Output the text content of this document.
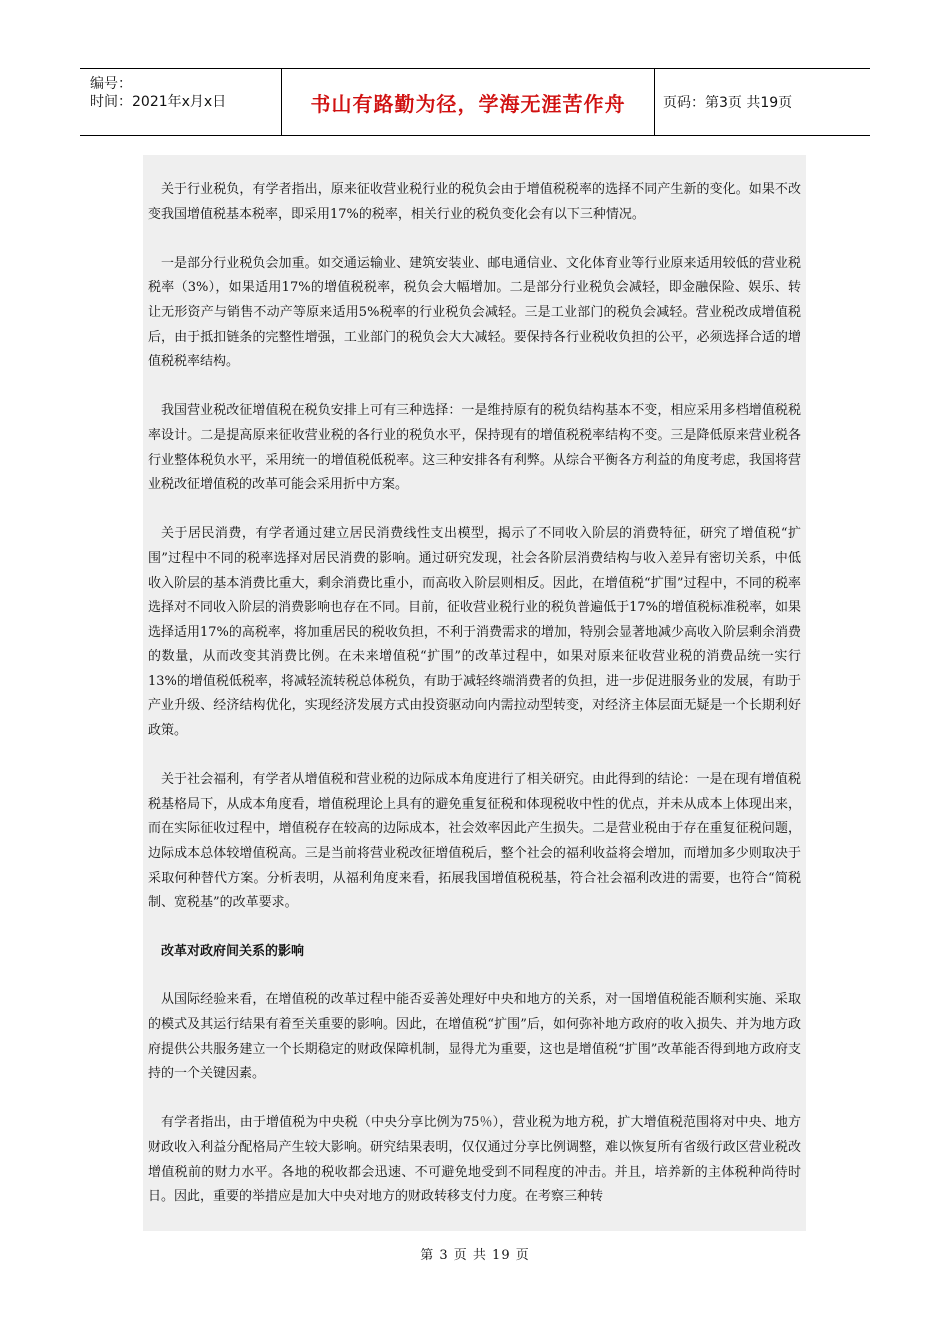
编号：
时间：2021年x月x日	书山有路勤为径，学海无涯苦作舟	页码：第3页 共19页

关于行业税负，有学者指出，原来征收营业税行业的税负会由于增值税税率的选择不同产生新的变化。如果不改变我国增值税基本税率，即采用17%的税率，相关行业的税负变化会有以下三种情况。

一是部分行业税负会加重。如交通运输业、建筑安装业、邮电通信业、文化体育业等行业原来适用较低的营业税税率（3%），如果适用17%的增值税税率，税负会大幅增加。二是部分行业税负会减轻，即金融保险、娱乐、转让无形资产与销售不动产等原来适用5%税率的行业税负会减轻。三是工业部门的税负会减轻。营业税改成增值税后，由于抵扣链条的完整性增强，工业部门的税负会大大减轻。要保持各行业税收负担的公平，必须选择合适的增值税税率结构。

我国营业税改征增值税在税负安排上可有三种选择：一是维持原有的税负结构基本不变，相应采用多档增值税税率设计。二是提高原来征收营业税的各行业的税负水平，保持现有的增值税税率结构不变。三是降低原来营业税各行业整体税负水平，采用统一的增值税低税率。这三种安排各有利弊。从综合平衡各方利益的角度考虑，我国将营业税改征增值税的改革可能会采用折中方案。

关于居民消费，有学者通过建立居民消费线性支出模型，揭示了不同收入阶层的消费特征，研究了增值税“扩围”过程中不同的税率选择对居民消费的影响。通过研究发现，社会各阶层消费结构与收入差异有密切关系，中低收入阶层的基本消费比重大，剩余消费比重小，而高收入阶层则相反。因此，在增值税“扩围”过程中，不同的税率选择对不同收入阶层的消费影响也存在不同。目前，征收营业税行业的税负普遍低于17%的增值税标准税率，如果选择适用17%的高税率，将加重居民的税收负担，不利于消费需求的增加，特别会显著地减少高收入阶层剩余消费的数量，从而改变其消费比例。在未来增值税“扩围”的改革过程中，如果对原来征收营业税的消费品统一实行13%的增值税低税率，将减轻流转税总体税负，有助于减轻终端消费者的负担，进一步促进服务业的发展，有助于产业升级、经济结构优化，实现经济发展方式由投资驱动向内需拉动型转变，对经济主体层面无疑是一个长期利好政策。

关于社会福利，有学者从增值税和营业税的边际成本角度进行了相关研究。由此得到的结论：一是在现有增值税税基格局下，从成本角度看，增值税理论上具有的避免重复征税和体现税收中性的优点，并未从成本上体现出来，而在实际征收过程中，增值税存在较高的边际成本，社会效率因此产生损失。二是营业税由于存在重复征税问题，边际成本总体较增值税高。三是当前将营业税改征增值税后，整个社会的福利收益将会增加，而增加多少则取决于采取何种替代方案。分析表明，从福利角度来看，拓展我国增值税税基，符合社会福利改进的需要，也符合“简税制、宽税基”的改革要求。

改革对政府间关系的影响

从国际经验来看，在增值税的改革过程中能否妥善处理好中央和地方的关系，对一国增值税能否顺利实施、采取的模式及其运行结果有着至关重要的影响。因此，在增值税“扩围”后，如何弥补地方政府的收入损失、并为地方政府提供公共服务建立一个长期稳定的财政保障机制，显得尤为重要，这也是增值税“扩围”改革能否得到地方政府支持的一个关键因素。

有学者指出，由于增值税为中央税（中央分享比例为75％），营业税为地方税，扩大增值税范围将对中央、地方财政收入利益分配格局产生较大影响。研究结果表明，仅仅通过分享比例调整，难以恢复所有省级行政区营业税改增值税前的财力水平。各地的税收都会迅速、不可避免地受到不同程度的冲击。并且，培养新的主体税种尚待时日。因此，重要的举措应是加大中央对地方的财政转移支付力度。在考察三种转

第 3 页 共 19 页
